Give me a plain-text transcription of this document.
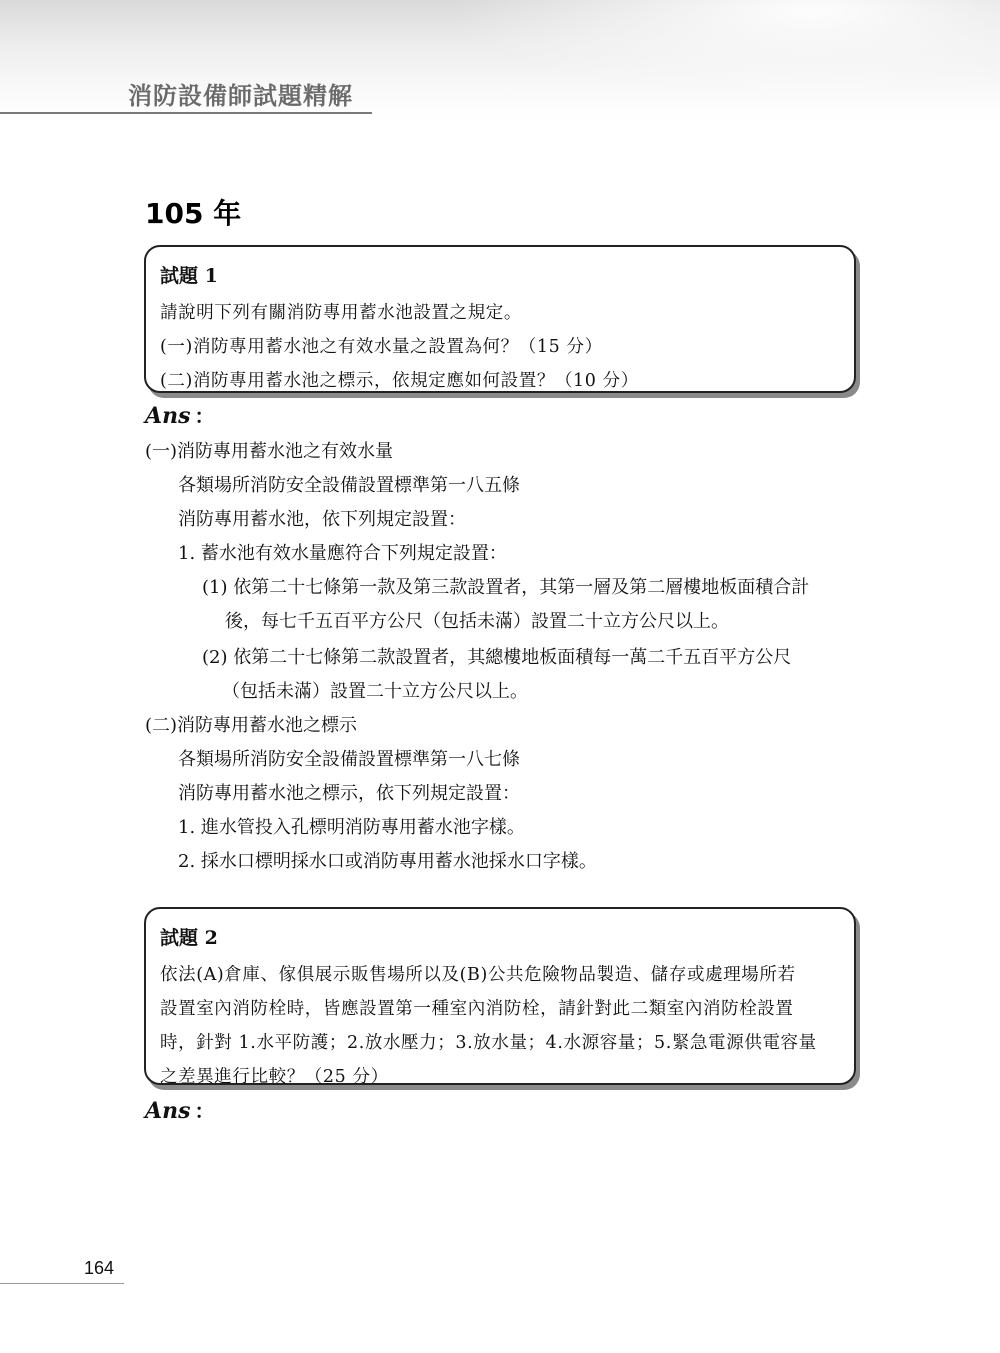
消防設備師試題精解
105 年
試題 1
請說明下列有關消防專用蓄水池設置之規定。
(一)消防專用蓄水池之有效水量之設置為何？（15 分）
(二)消防專用蓄水池之標示，依規定應如何設置？（10 分）
Ans ：
(一)消防專用蓄水池之有效水量
各類場所消防安全設備設置標準第一八五條
消防專用蓄水池，依下列規定設置：
1. 蓄水池有效水量應符合下列規定設置：
(1) 依第二十七條第一款及第三款設置者，其第一層及第二層樓地板面積合計
後，每七千五百平方公尺（包括未滿）設置二十立方公尺以上。
(2) 依第二十七條第二款設置者，其總樓地板面積每一萬二千五百平方公尺
（包括未滿）設置二十立方公尺以上。
(二)消防專用蓄水池之標示
各類場所消防安全設備設置標準第一八七條
消防專用蓄水池之標示，依下列規定設置：
1. 進水管投入孔標明消防專用蓄水池字樣。
2. 採水口標明採水口或消防專用蓄水池採水口字樣。
試題 2
依法(A)倉庫、傢俱展示販售場所以及(B)公共危險物品製造、儲存或處理場所若
設置室內消防栓時，皆應設置第一種室內消防栓，請針對此二類室內消防栓設置
時，針對 1.水平防護；2.放水壓力；3.放水量；4.水源容量；5.緊急電源供電容量
之差異進行比較？（25 分）
Ans ：
164
